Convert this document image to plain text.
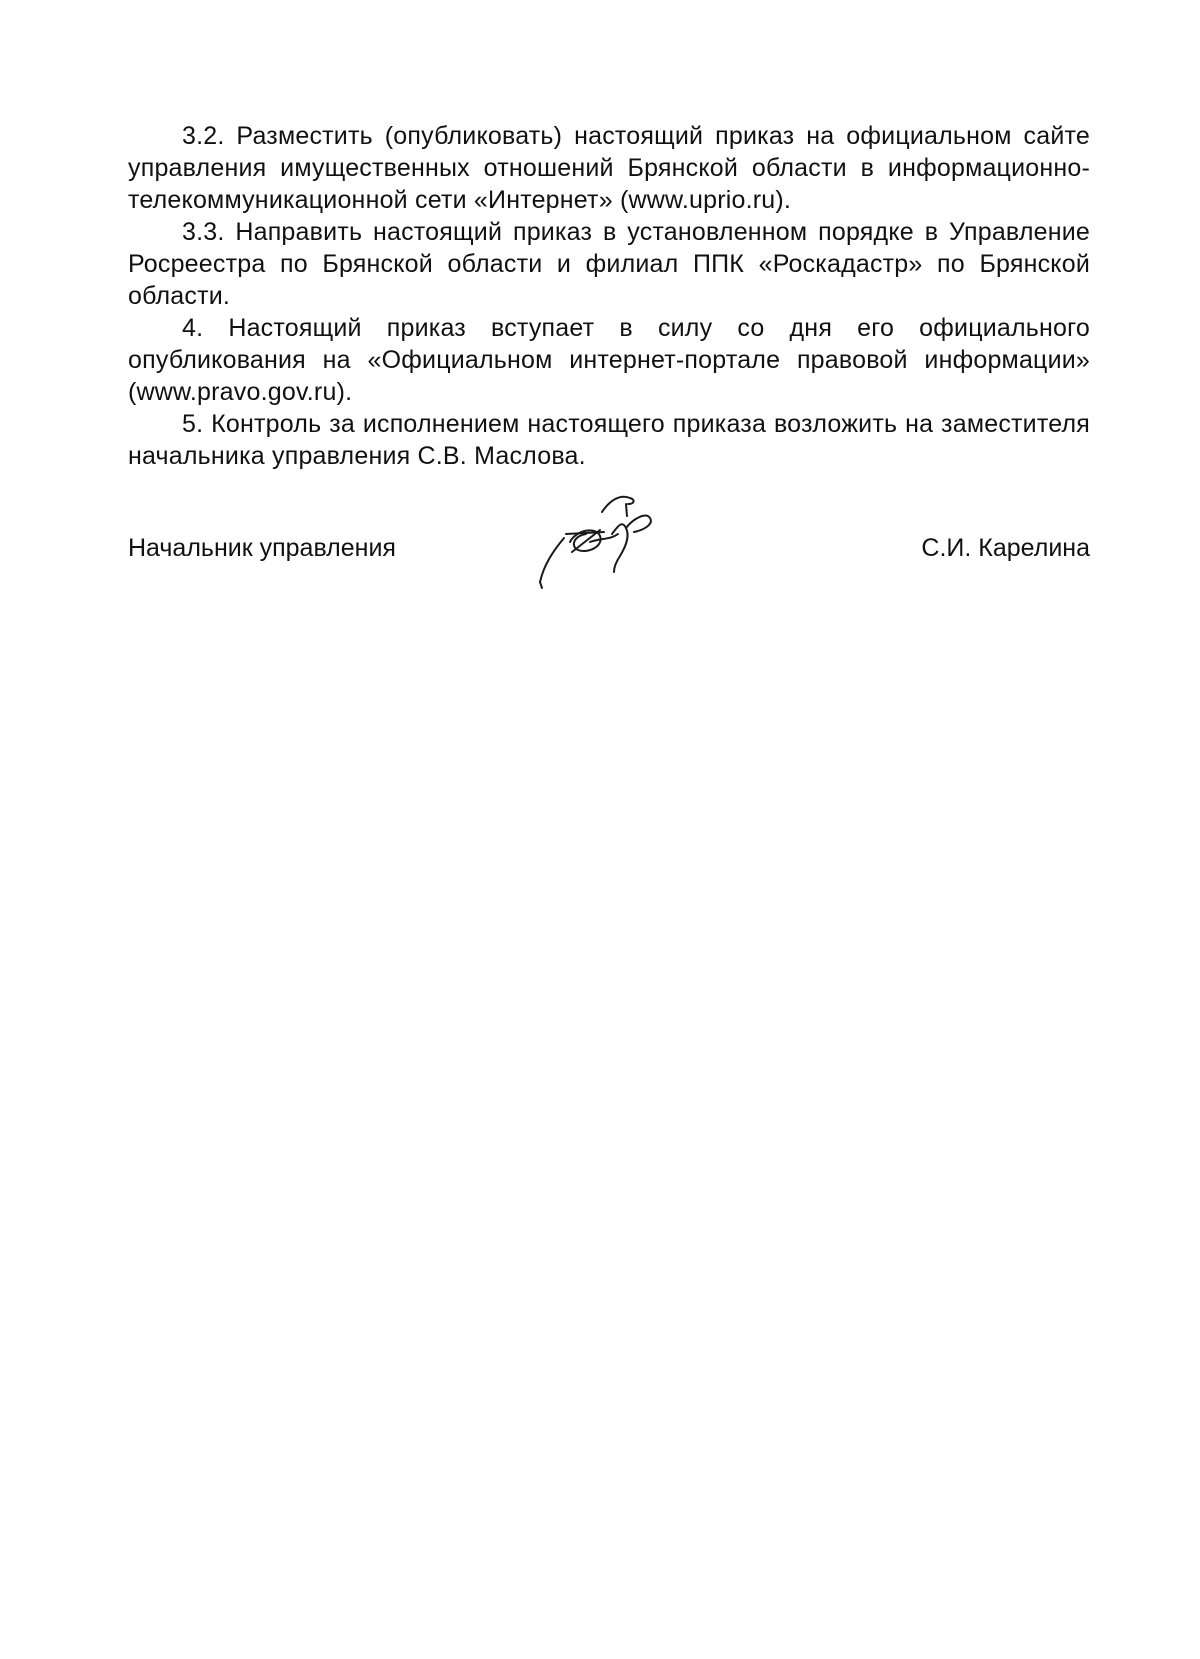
3.2. Разместить (опубликовать) настоящий приказ на официальном сайте управления имущественных отношений Брянской области в информационно-телекоммуникационной сети «Интернет» (www.uprio.ru).

3.3. Направить настоящий приказ в установленном порядке в Управление Росреестра по Брянской области и филиал ППК «Роскадастр» по Брянской области.

4. Настоящий приказ вступает в силу со дня его официального опубликования на «Официальном интернет-портале правовой информации» (www.pravo.gov.ru).

5. Контроль за исполнением настоящего приказа возложить на заместителя начальника управления С.В. Маслова.

Начальник управления	С.И. Карелина
